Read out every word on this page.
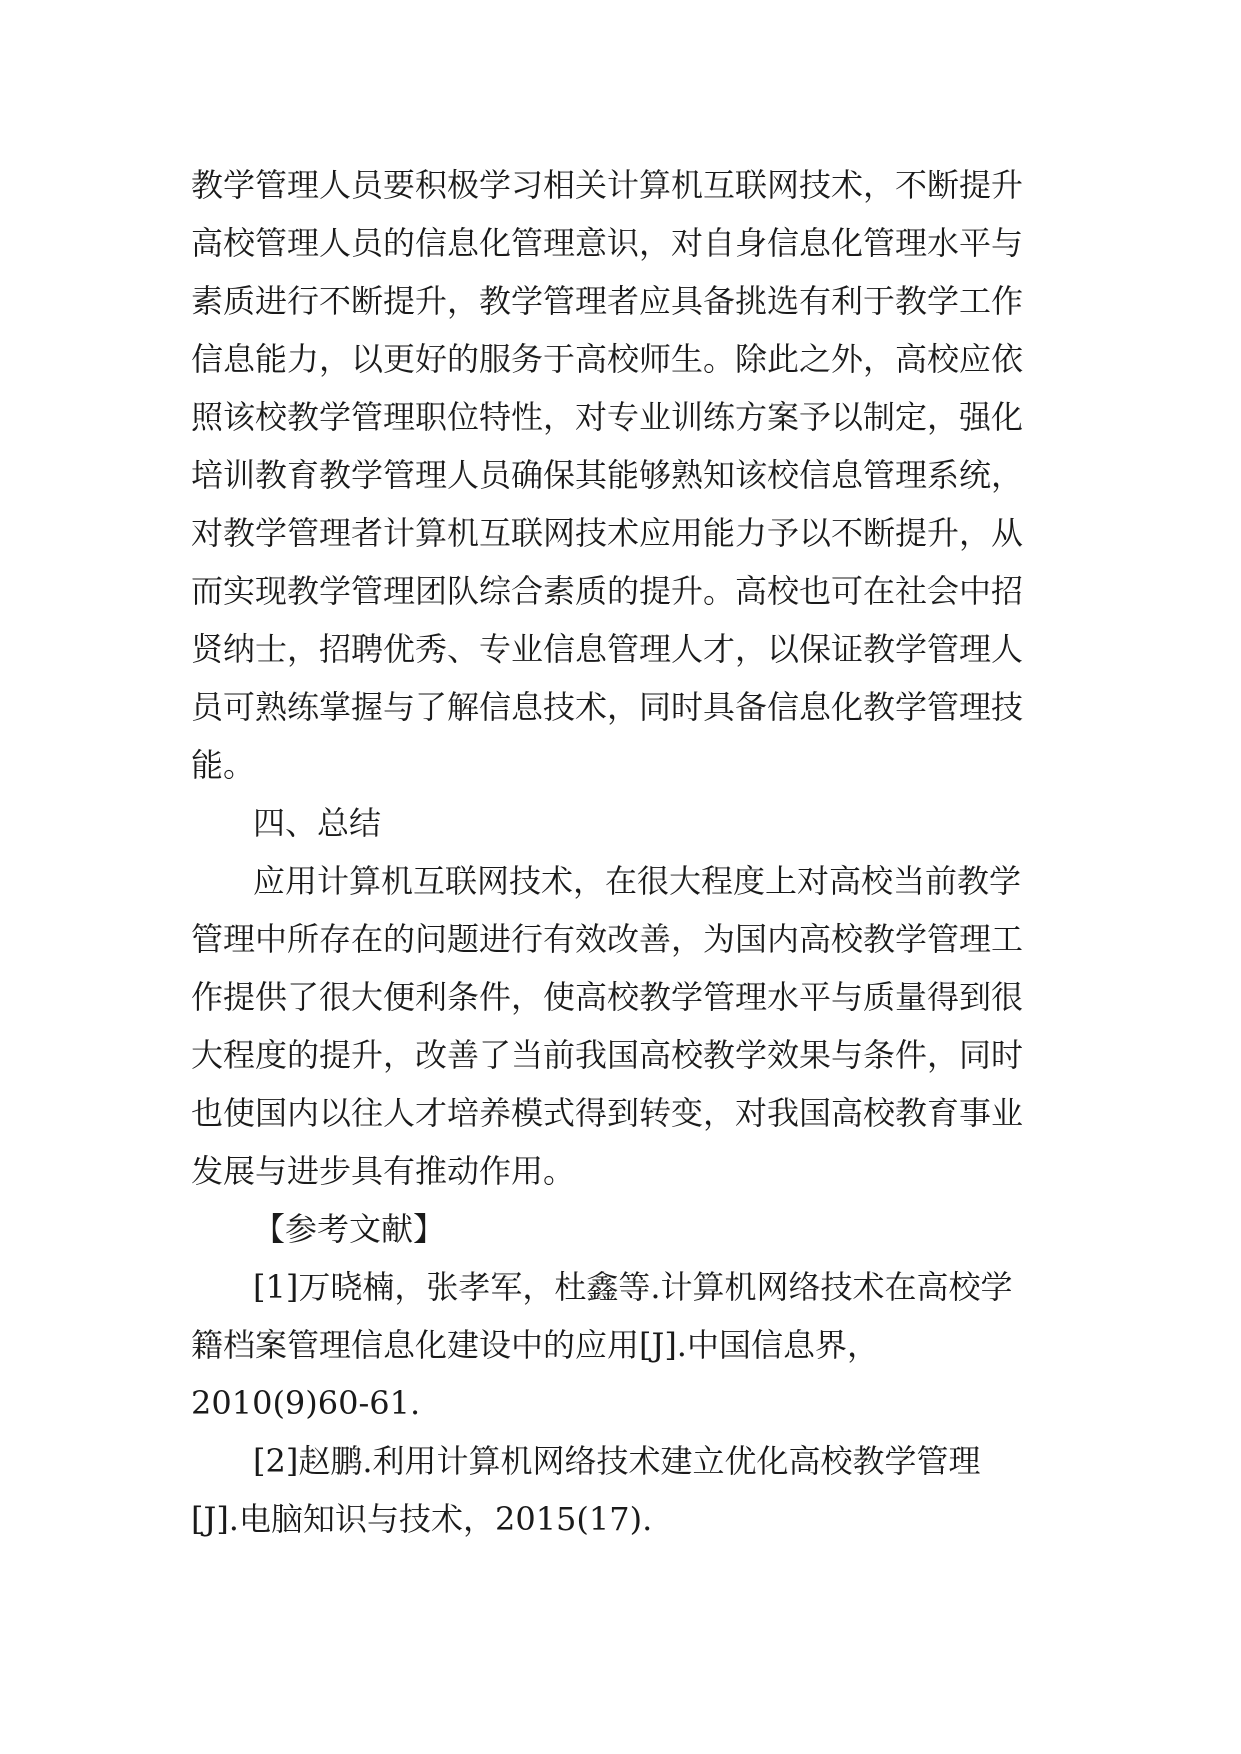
教学管理人员要积极学习相关计算机互联网技术，不断提升
高校管理人员的信息化管理意识，对自身信息化管理水平与
素质进行不断提升，教学管理者应具备挑选有利于教学工作
信息能力，以更好的服务于高校师生。除此之外，高校应依
照该校教学管理职位特性，对专业训练方案予以制定，强化
培训教育教学管理人员确保其能够熟知该校信息管理系统，
对教学管理者计算机互联网技术应用能力予以不断提升，从
而实现教学管理团队综合素质的提升。高校也可在社会中招
贤纳士，招聘优秀、专业信息管理人才，以保证教学管理人
员可熟练掌握与了解信息技术，同时具备信息化教学管理技
能。
四、总结
应用计算机互联网技术，在很大程度上对高校当前教学
管理中所存在的问题进行有效改善，为国内高校教学管理工
作提供了很大便利条件，使高校教学管理水平与质量得到很
大程度的提升，改善了当前我国高校教学效果与条件，同时
也使国内以往人才培养模式得到转变，对我国高校教育事业
发展与进步具有推动作用。
【参考文献】
[1]万晓楠，张孝军，杜鑫等.计算机网络技术在高校学
籍档案管理信息化建设中的应用[J].中国信息界，
2010(9)60-61.
[2]赵鹏.利用计算机网络技术建立优化高校教学管理
[J].电脑知识与技术，2015(17).
